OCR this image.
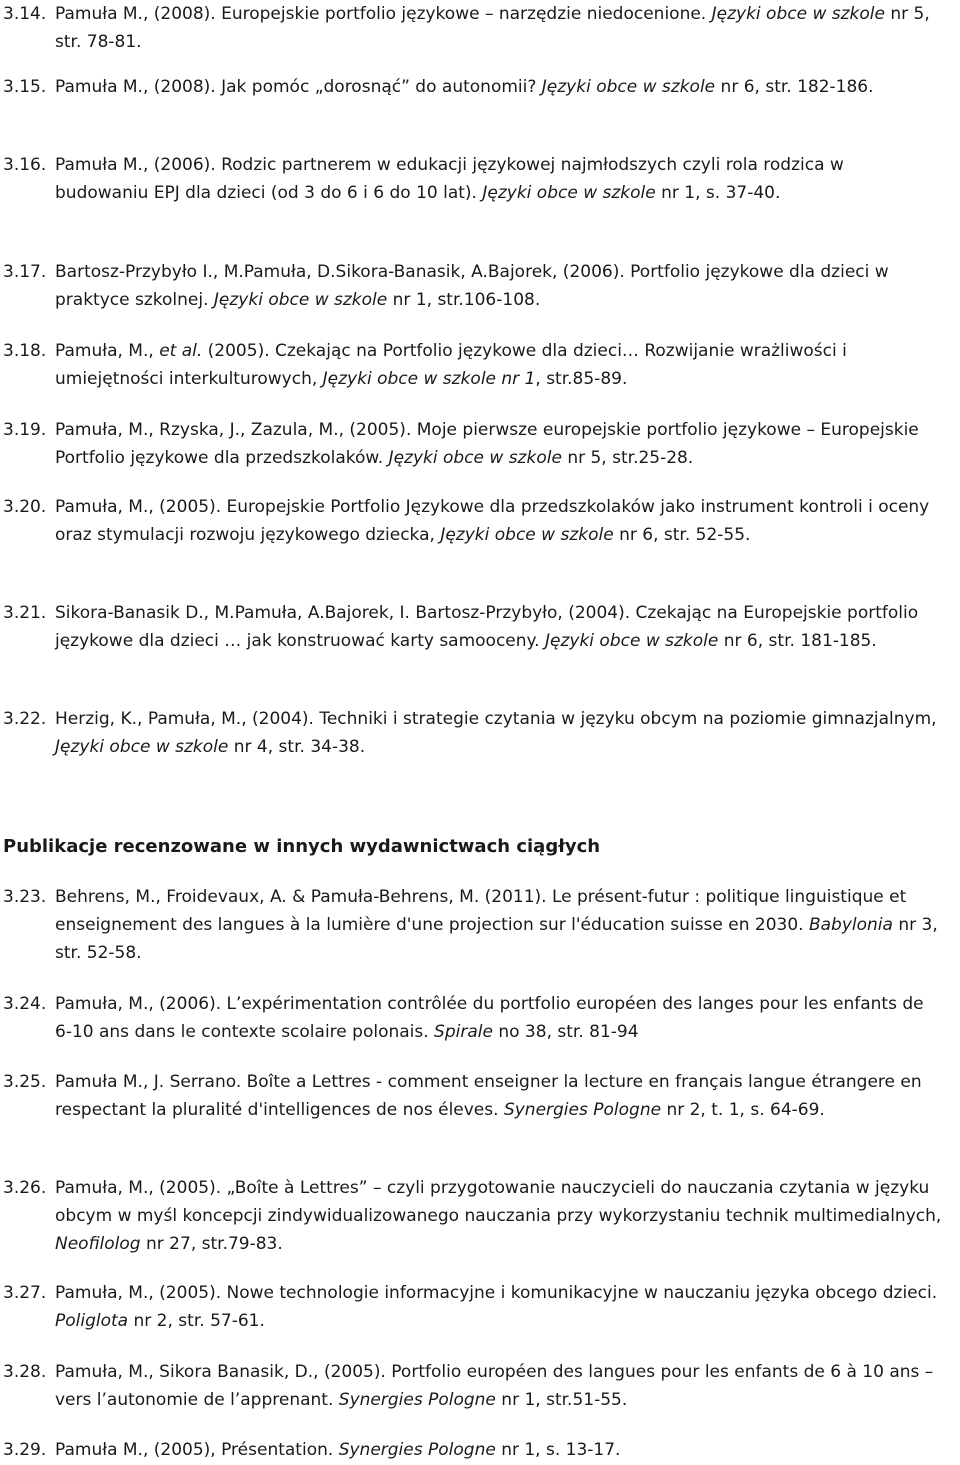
3.14. Pamuła M., (2008). Europejskie portfolio językowe – narzędzie niedocenione. Języki obce w szkole nr 5, str. 78-81.
3.15. Pamuła M., (2008). Jak pomóc „dorosnąć” do autonomii? Języki obce w szkole nr 6, str. 182-186.
3.16. Pamuła M., (2006). Rodzic partnerem w edukacji językowej najmłodszych czyli rola rodzica w budowaniu EPJ dla dzieci (od 3 do 6 i 6 do 10 lat). Języki obce w szkole nr 1, s. 37-40.
3.17. Bartosz-Przybyło I., M.Pamuła, D.Sikora-Banasik, A.Bajorek, (2006). Portfolio językowe dla dzieci w praktyce szkolnej. Języki obce w szkole nr 1, str.106-108.
3.18. Pamuła, M., et al. (2005). Czekając na Portfolio językowe dla dzieci… Rozwijanie wrażliwości i umiejętności interkulturowych, Języki obce w szkole nr 1, str.85-89.
3.19. Pamuła, M., Rzyska, J., Zazula, M., (2005). Moje pierwsze europejskie portfolio językowe – Europejskie Portfolio językowe dla przedszkolaków. Języki obce w szkole nr 5, str.25-28.
3.20. Pamuła, M., (2005). Europejskie Portfolio Językowe dla przedszkolaków jako instrument kontroli i oceny oraz stymulacji rozwoju językowego dziecka, Języki obce w szkole nr 6, str. 52-55.
3.21. Sikora-Banasik D., M.Pamuła, A.Bajorek, I. Bartosz-Przybyło, (2004). Czekając na Europejskie portfolio językowe dla dzieci … jak konstruować karty samooceny. Języki obce w szkole nr 6, str. 181-185.
3.22. Herzig, K., Pamuła, M., (2004). Techniki i strategie czytania w języku obcym na poziomie gimnazjalnym, Języki obce w szkole nr 4, str. 34-38.
Publikacje recenzowane w innych wydawnictwach ciągłych
3.23. Behrens, M., Froidevaux, A. & Pamuła-Behrens, M. (2011). Le présent-futur : politique linguistique et enseignement des langues à la lumière d'une projection sur l'éducation suisse en 2030. Babylonia nr 3, str. 52-58.
3.24. Pamuła, M., (2006). L’expérimentation contrôlée du portfolio européen des langes pour les enfants de 6-10 ans dans le contexte scolaire polonais. Spirale no 38, str. 81-94
3.25. Pamuła M., J. Serrano. Boîte a Lettres - comment enseigner la lecture en français langue étrangere en respectant la pluralité d'intelligences de nos éleves. Synergies Pologne nr 2, t. 1, s. 64-69.
3.26. Pamuła, M., (2005). „Boîte à Lettres” – czyli przygotowanie nauczycieli do nauczania czytania w języku obcym w myśl koncepcji zindywidualizowanego nauczania przy wykorzystaniu technik multimedialnych, Neofilolog nr 27, str.79-83.
3.27. Pamuła, M., (2005). Nowe technologie informacyjne i komunikacyjne w nauczaniu języka obcego dzieci. Poliglota nr 2, str. 57-61.
3.28. Pamuła, M., Sikora Banasik, D., (2005). Portfolio européen des langues pour les enfants de 6 à 10 ans – vers l’autonomie de l’apprenant. Synergies Pologne nr 1, str.51-55.
3.29. Pamuła M., (2005), Présentation. Synergies Pologne nr 1, s. 13-17.
